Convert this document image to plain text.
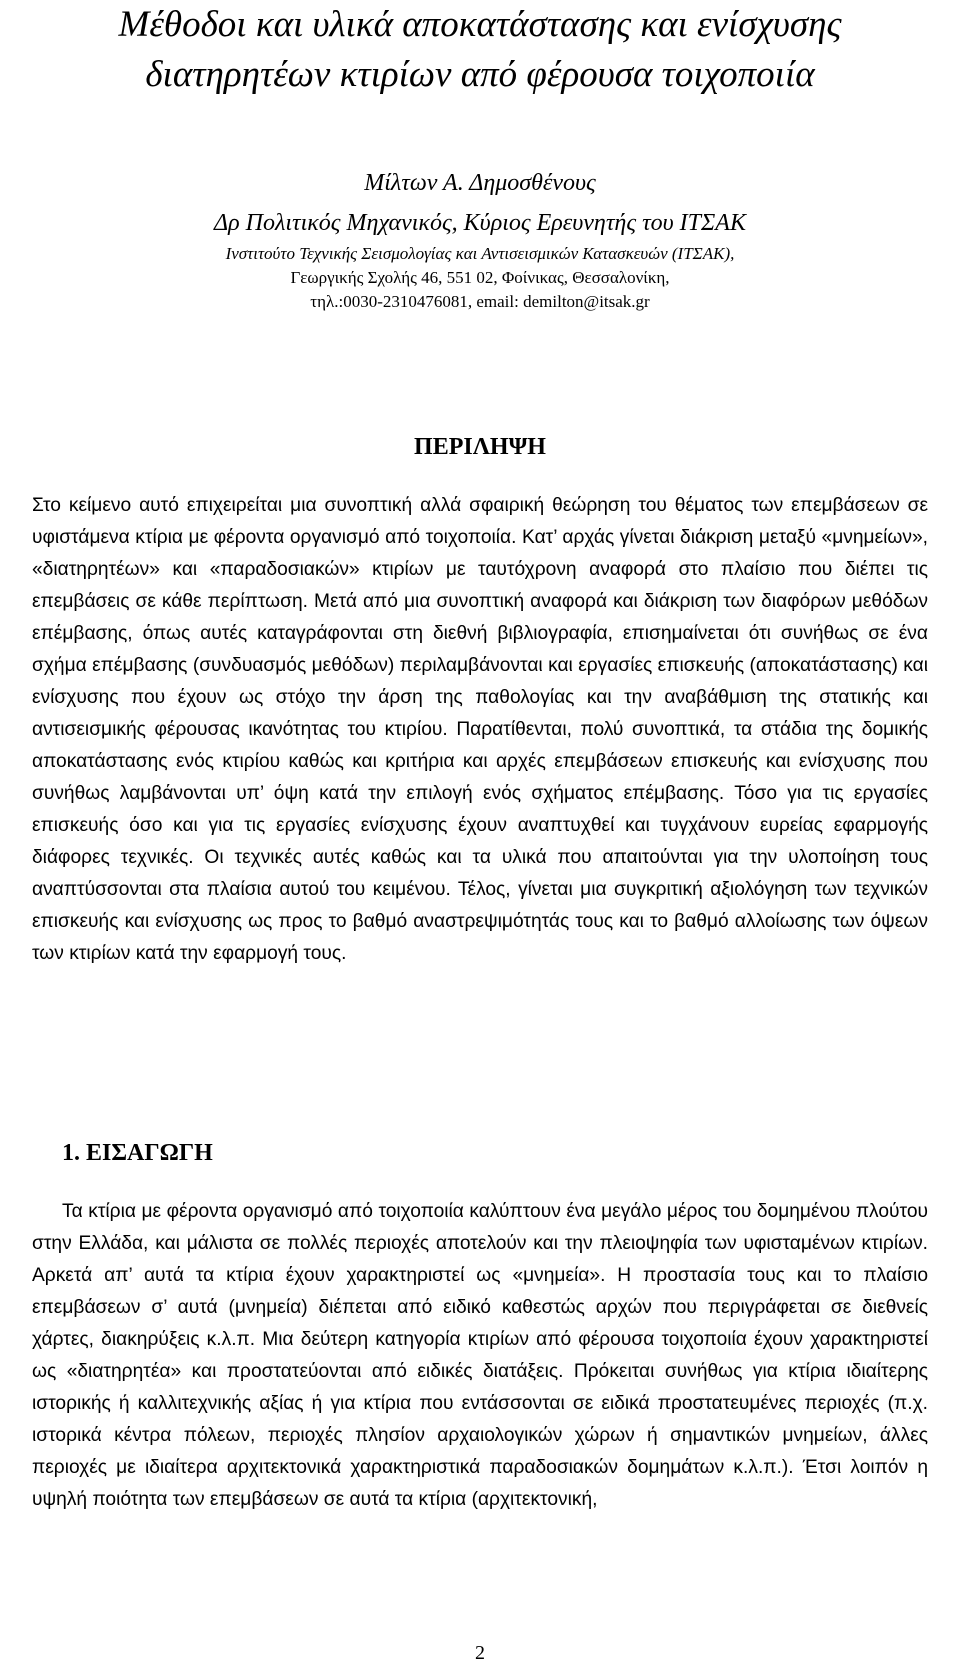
Μέθοδοι και υλικά αποκατάστασης και ενίσχυσης
διατηρητέων κτιρίων από φέρουσα τοιχοποιία

Μίλτων Α. Δημοσθένους

Δρ Πολιτικός Μηχανικός, Κύριος Ερευνητής του ΙΤΣΑΚ

Ινστιτούτο Τεχνικής Σεισμολογίας και Αντισεισμικών Κατασκευών (ΙΤΣΑΚ),

Γεωργικής Σχολής 46, 551 02, Φοίνικας, Θεσσαλονίκη,

τηλ.:0030-2310476081, email: demilton@itsak.gr

ΠΕΡΙΛΗΨΗ

Στο κείμενο αυτό επιχειρείται μια συνοπτική αλλά σφαιρική θεώρηση του θέματος των επεμβάσεων σε υφιστάμενα κτίρια με φέροντα οργανισμό από τοιχοποιία. Κατ’ αρχάς γίνεται διάκριση μεταξύ «μνημείων», «διατηρητέων» και «παραδοσιακών» κτιρίων με ταυτόχρονη αναφορά στο πλαίσιο που διέπει τις επεμβάσεις σε κάθε περίπτωση. Μετά από μια συνοπτική αναφορά και διάκριση των διαφόρων μεθόδων επέμβασης, όπως αυτές καταγράφονται στη διεθνή βιβλιογραφία, επισημαίνεται ότι συνήθως σε ένα σχήμα επέμβασης (συνδυασμός μεθόδων) περιλαμβάνονται και εργασίες επισκευής (αποκατάστασης) και ενίσχυσης που έχουν ως στόχο την άρση της παθολογίας και την αναβάθμιση της στατικής και αντισεισμικής φέρουσας ικανότητας του κτιρίου. Παρατίθενται, πολύ συνοπτικά, τα στάδια της δομικής αποκατάστασης ενός κτιρίου καθώς και κριτήρια και αρχές επεμβάσεων επισκευής και ενίσχυσης που συνήθως λαμβάνονται υπ’ όψη κατά την επιλογή ενός σχήματος επέμβασης. Τόσο για τις εργασίες επισκευής όσο και για τις εργασίες ενίσχυσης έχουν αναπτυχθεί και τυγχάνουν ευρείας εφαρμογής διάφορες τεχνικές. Οι τεχνικές αυτές καθώς και τα υλικά που απαιτούνται για την υλοποίηση τους αναπτύσσονται στα πλαίσια αυτού του κειμένου. Τέλος, γίνεται μια συγκριτική αξιολόγηση των τεχνικών επισκευής και ενίσχυσης ως προς το βαθμό αναστρεψιμότητάς τους και το βαθμό αλλοίωσης των όψεων των κτιρίων κατά την εφαρμογή τους.

1. ΕΙΣΑΓΩΓΗ

Τα κτίρια με φέροντα οργανισμό από τοιχοποιία καλύπτουν ένα μεγάλο μέρος του δομημένου πλούτου στην Ελλάδα, και μάλιστα σε πολλές περιοχές αποτελούν και την πλειοψηφία των υφισταμένων κτιρίων. Αρκετά απ’ αυτά τα κτίρια έχουν χαρακτηριστεί ως «μνημεία». Η προστασία τους και το πλαίσιο επεμβάσεων σ’ αυτά (μνημεία) διέπεται από ειδικό καθεστώς αρχών που περιγράφεται σε διεθνείς χάρτες, διακηρύξεις κ.λ.π. Μια δεύτερη κατηγορία κτιρίων από φέρουσα τοιχοποιία έχουν χαρακτηριστεί ως «διατηρητέα» και προστατεύονται από ειδικές διατάξεις. Πρόκειται συνήθως για κτίρια ιδιαίτερης ιστορικής ή καλλιτεχνικής αξίας ή για κτίρια που εντάσσονται σε ειδικά προστατευμένες περιοχές (π.χ. ιστορικά κέντρα πόλεων, περιοχές πλησίον αρχαιολογικών χώρων ή σημαντικών μνημείων, άλλες περιοχές με ιδιαίτερα αρχιτεκτονικά χαρακτηριστικά παραδοσιακών δομημάτων κ.λ.π.). Έτσι λοιπόν η υψηλή ποιότητα των επεμβάσεων σε αυτά τα κτίρια (αρχιτεκτονική,

2
